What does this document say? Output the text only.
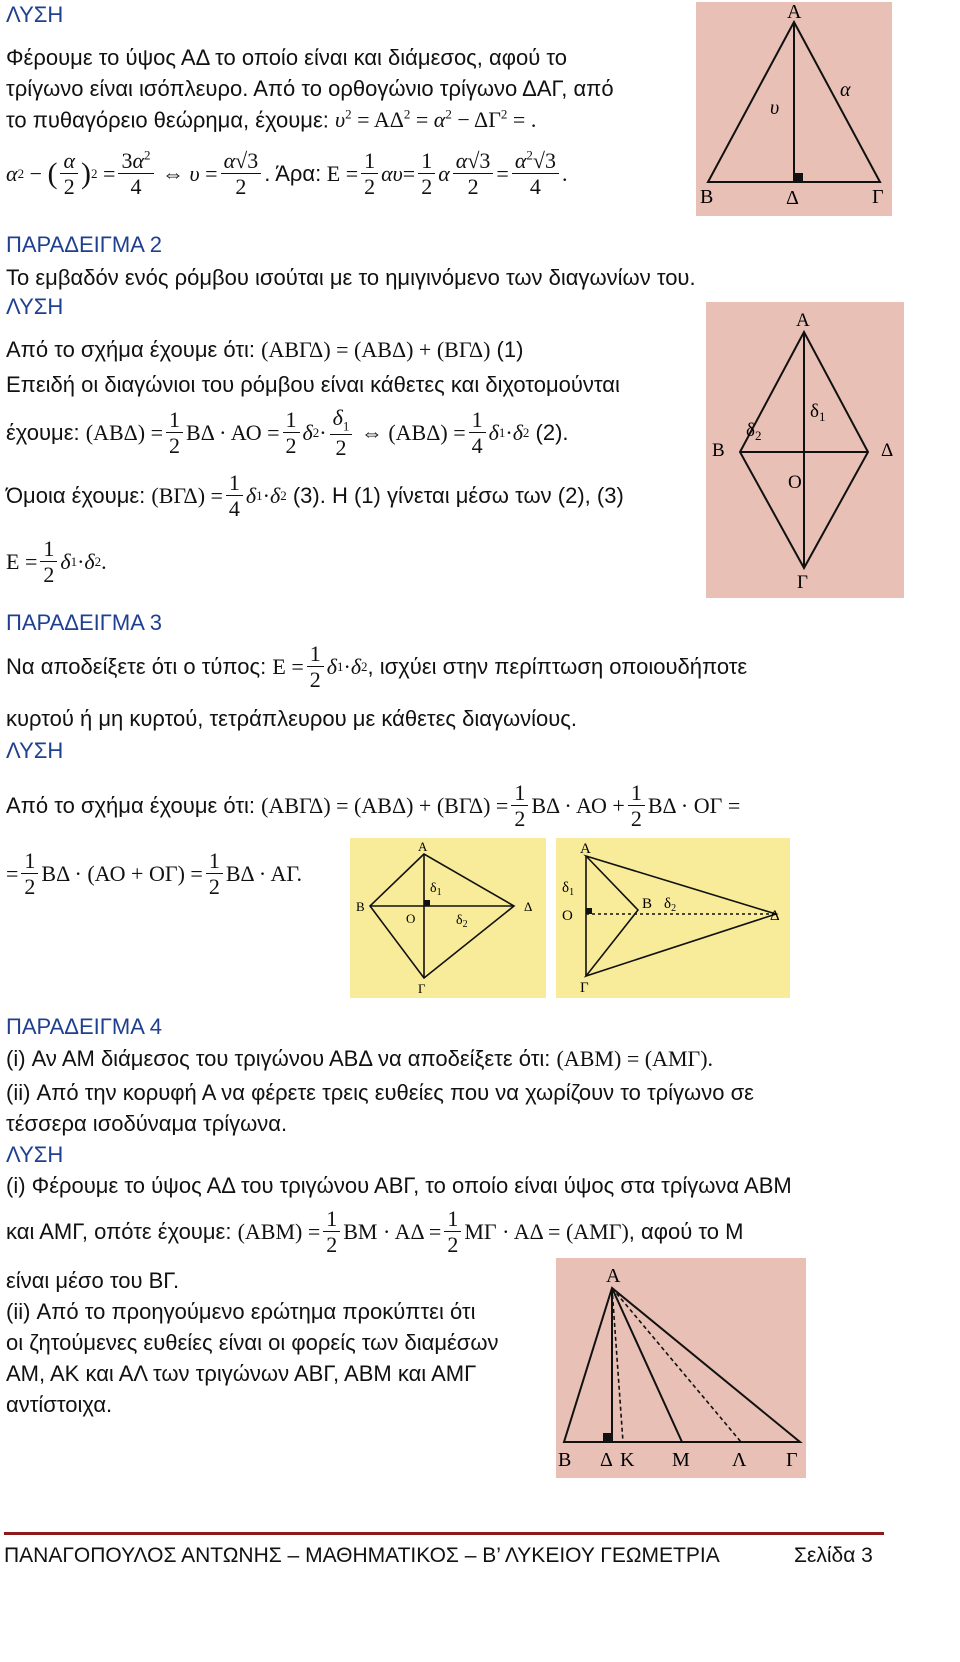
ΛΥΣΗ
Φέρουμε το ύψος ΑΔ το οποίο είναι και διάμεσος, αφού το
τρίγωνο είναι ισόπλευρο. Από το ορθογώνιο τρίγωνο ΔΑΓ, από
το πυθαγόρειο θεώρημα, έχουμε: $\upsilon^2 = A\Delta^2 = \alpha^2 - \Delta\Gamma^2$ = .
α 2 − ( $\frac{\alpha}{2}$ ) $2 = \frac{3\alpha^2}{4}$ ⇔ $\upsilon = \frac{\alpha√3}{2}$ . Άρα: $E = \frac{1}{2}$ $\alpha\upsilon = \frac{1}{2}$ α $\frac{\alpha√3}{2} = \frac{\alpha^2√3}{4}$ .
Α
Β	Δ	Γ
υ
α
ΠΑΡΑΔΕΙΓΜΑ 2
Το εμβαδόν ενός ρόμβου ισούται με το ημιγινόμενο των διαγωνίων του.
ΛΥΣΗ
Από το σχήμα έχουμε ότι: (ΑΒΓΔ) = (ΑΒΔ) + (ΒΓΔ) (1)
Επειδή οι διαγώνιοι του ρόμβου είναι κάθετες και διχοτομούνται
έχουμε:
$(AB\Delta) = \frac{1}{2}$ $B\Delta \cdot AO = \frac{1}{2}$ δ $2 \cdot \frac{\delta_1}{2}$ ⇔ $(AB\Delta) = \frac{1}{4}$ δ 1 · δ 2
(2).
Όμοια έχουμε:
$(B\Gamma\Delta) = \frac{1}{4}$ δ 1 · δ 2
(3). Η (1) γίνεται μέσω των (2), (3)
$E = \frac{1}{2}$ δ 1 · δ 2 .
Α
Β
Ο
Δ
Γ
$\delta_1$
$\delta_2$
ΠΑΡΑΔΕΙΓΜΑ 3
Να αποδείξετε ότι ο τύπος:
$E = \frac{1}{2}$ δ 1 · δ 2 , ισχύει στην περίπτωση οποιουδήποτε
κυρτού ή μη κυρτού, τετράπλευρου με κάθετες διαγωνίους.
ΛΥΣΗ
Από το σχήμα έχουμε ότι:
$(AB\Gamma\Delta) = (AB\Delta) + (B\Gamma\Delta) = \frac{1}{2}$ $B\Delta \cdot AO + \frac{1}{2}$ ΒΔ · ΟΓ =
= $\frac{1}{2}$ $B\Delta \cdot (AO + O\Gamma) = \frac{1}{2}$ ΒΔ · ΑΓ.
Α
Β
Ο
Δ
Γ
$\delta_1$
$\delta_2$
Α
$\delta_1$
Ο
Β $\delta_2$	Δ
Γ
ΠΑΡΑΔΕΙΓΜΑ 4
(i) Αν ΑΜ διάμεσος του τριγώνου ΑΒΔ να αποδείξετε ότι: (ΑΒΜ) = (ΑΜΓ).
(ii) Από την κορυφή Α να φέρετε τρεις ευθείες που να χωρίζουν το τρίγωνο σε
τέσσερα ισοδύναμα τρίγωνα.
ΛΥΣΗ
(i) Φέρουμε το ύψος ΑΔ του τριγώνου ΑΒΓ, το οποίο είναι ύψος στα τρίγωνα ΑΒΜ
και ΑΜΓ, οπότε έχουμε:
$(ABM) = \frac{1}{2}$ $BM \cdot A\Delta = \frac{1}{2}$ ΜΓ · ΑΔ = (ΑΜΓ) , αφού το Μ
είναι μέσο του ΒΓ.
(ii) Από το προηγούμενο ερώτημα προκύπτει ότι
οι ζητούμενες ευθείες είναι οι φορείς των διαμέσων
ΑΜ, ΑΚ και ΑΛ των τριγώνων ΑΒΓ, ΑΒΜ και ΑΜΓ
αντίστοιχα.
Α
Β Δ Κ Μ Λ Γ
ΠΑΝΑΓΟΠΟΥΛΟΣ ΑΝΤΩΝΗΣ – ΜΑΘΗΜΑΤΙΚΟΣ – Β’ ΛΥΚΕΙΟΥ ΓΕΩΜΕΤΡΙΑ	Σελίδα 3
